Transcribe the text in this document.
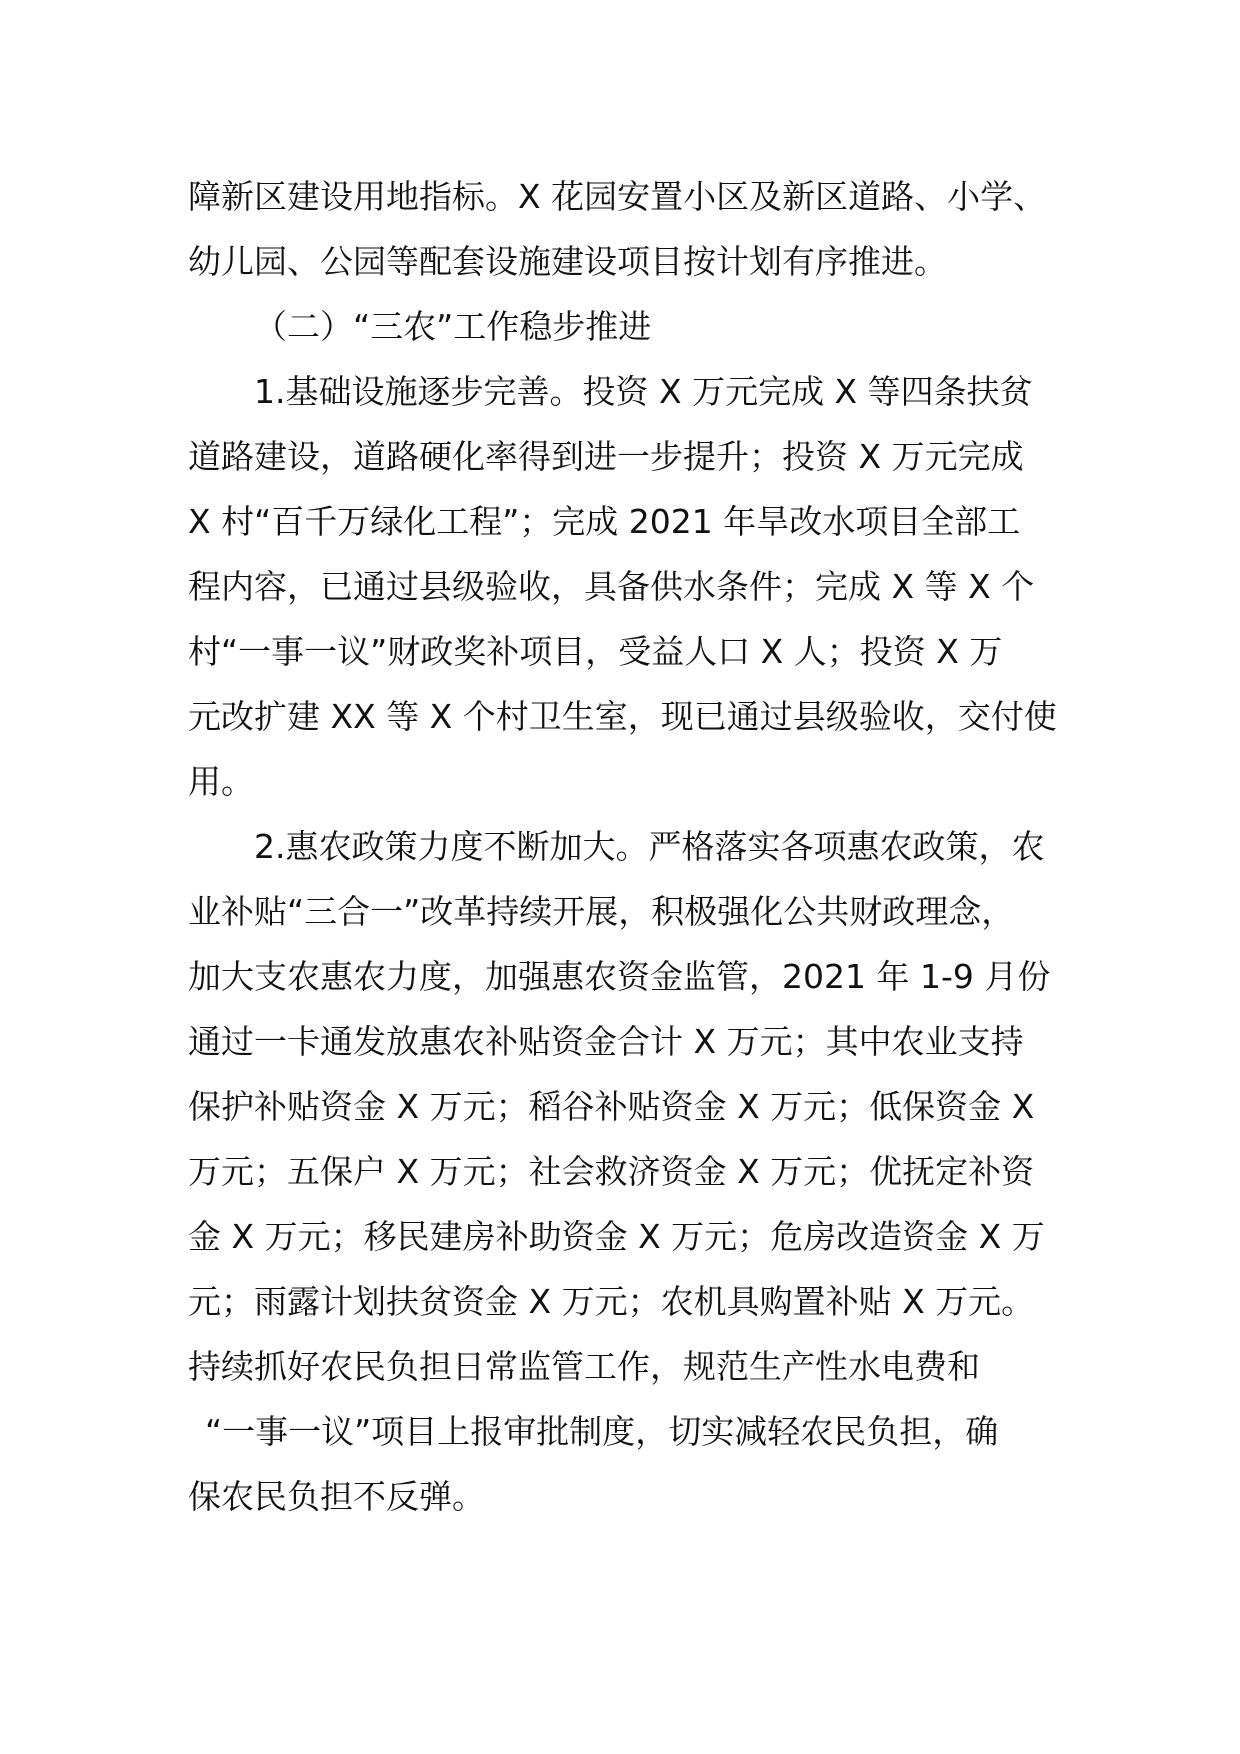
障新区建设用地指标。X 花园安置小区及新区道路、小学、
幼儿园、公园等配套设施建设项目按计划有序推进。
（二）“三农”工作稳步推进
1.基础设施逐步完善。投资 X 万元完成 X 等四条扶贫
道路建设，道路硬化率得到进一步提升；投资 X 万元完成
X 村“百千万绿化工程”；完成 2021 年旱改水项目全部工
程内容，已通过县级验收，具备供水条件；完成 X 等 X 个
村“一事一议”财政奖补项目，受益人口 X 人；投资 X 万
元改扩建 XX 等 X 个村卫生室，现已通过县级验收，交付使
用。
2.惠农政策力度不断加大。严格落实各项惠农政策，农
业补贴“三合一”改革持续开展，积极强化公共财政理念，
加大支农惠农力度，加强惠农资金监管，2021 年 1-9 月份
通过一卡通发放惠农补贴资金合计 X 万元；其中农业支持
保护补贴资金 X 万元；稻谷补贴资金 X 万元；低保资金 X
万元；五保户 X 万元；社会救济资金 X 万元；优抚定补资
金 X 万元；移民建房补助资金 X 万元；危房改造资金 X 万
元；雨露计划扶贫资金 X 万元；农机具购置补贴 X 万元。
持续抓好农民负担日常监管工作，规范生产性水电费和
“一事一议”项目上报审批制度，切实减轻农民负担，确
保农民负担不反弹。
